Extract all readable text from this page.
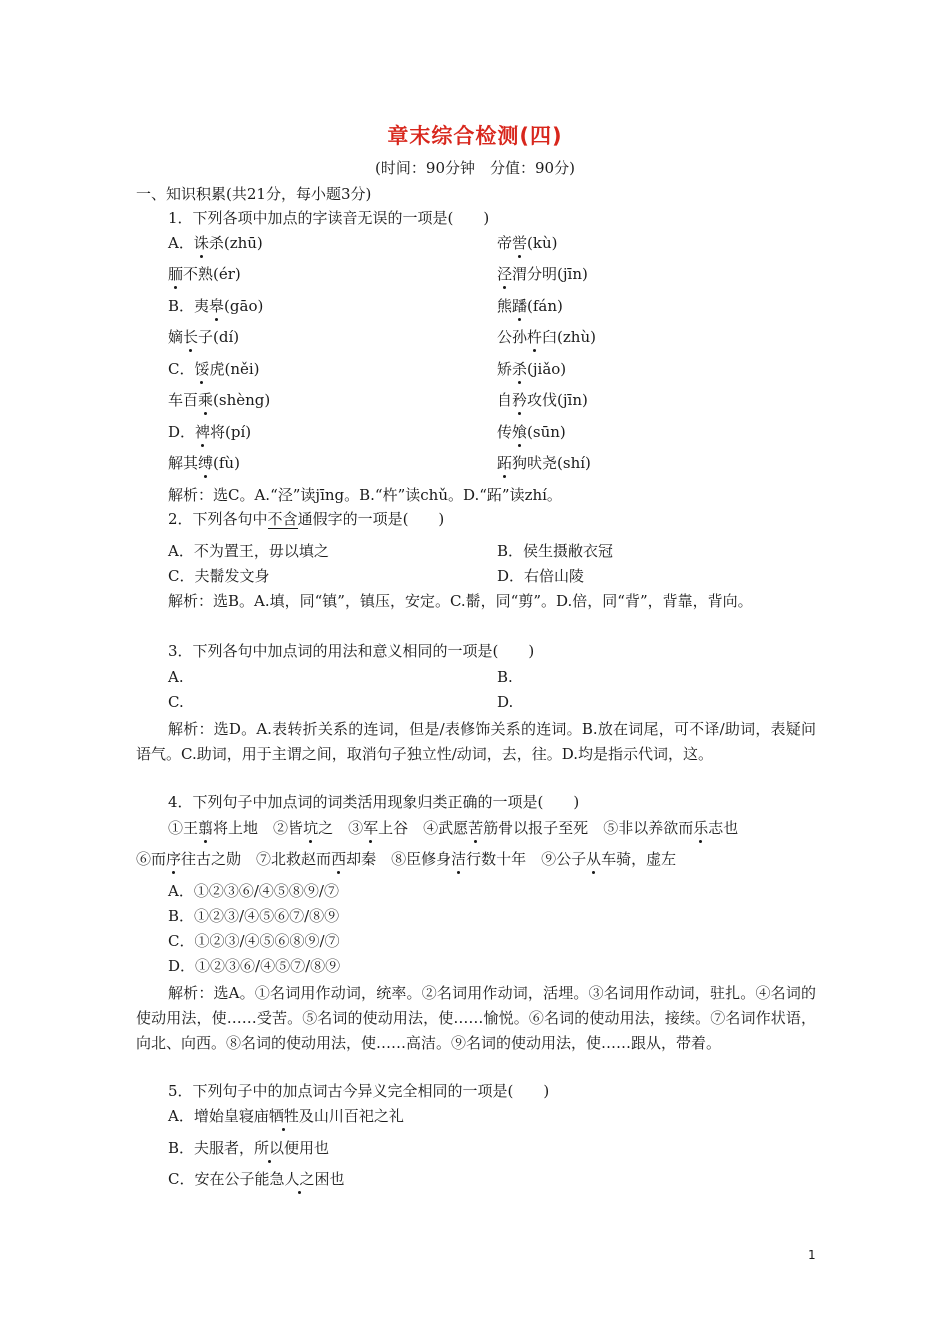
章末综合检测(四)
(时间：90分钟　分值：90分)
一、知识积累(共21分，每小题3分)
1．下列各项中加点的字读音无误的一项是(　　)
A．诛杀(zhū)	帝喾(kù)
胹不熟(ér)	泾渭分明(jīn)
B．夷皋(gāo)	熊蹯(fán)
嫡长子(dí)	公孙杵臼(zhù)
C．馁虎(něi)	矫杀(jiǎo)
车百乘(shèng)	自矜攻伐(jīn)
D．裨将(pí)	传飧(sūn)
解其缚(fù)	跖狗吠尧(shí)
解析：选C。A.“泾”读jīng。B.“杵”读chǔ。D.“跖”读zhí。
2．下列各句中不含通假字的一项是(　　)
A．不为置王，毋以填之	B．侯生摄敝衣冠
C．夫鬋发文身	D．右倍山陵
解析：选B。A.填，同“镇”，镇压，安定。C.鬋，同“剪”。D.倍，同“背”，背靠，背向。
3．下列各句中加点词的用法和意义相同的一项是(　　)
A.	B.
C.	D.
解析：选D。A.表转折关系的连词，但是/表修饰关系的连词。B.放在词尾，可不译/助词，表疑问语气。C.助词，用于主谓之间，取消句子独立性/动词，去，往。D.均是指示代词，这。
4．下列句子中加点词的词类活用现象归类正确的一项是(　　)
①王翦将上地　②皆坑之　③军上谷　④武愿苦筋骨以报子至死　⑤非以养欲而乐志也
⑥而序往古之勋　⑦北救赵而西却秦　⑧臣修身洁行数十年　⑨公子从车骑，虚左
A．①②③⑥/④⑤⑧⑨/⑦
B．①②③/④⑤⑥⑦/⑧⑨
C．①②③/④⑤⑥⑧⑨/⑦
D．①②③⑥/④⑤⑦/⑧⑨
解析：选A。①名词用作动词，统率。②名词用作动词，活埋。③名词用作动词，驻扎。④名词的使动用法，使……受苦。⑤名词的使动用法，使……愉悦。⑥名词的使动用法，接续。⑦名词作状语，向北、向西。⑧名词的使动用法，使……高洁。⑨名词的使动用法，使……跟从，带着。
5．下列句子中的加点词古今异义完全相同的一项是(　　)
A．增始皇寝庙牺牲及山川百祀之礼
B．夫服者，所以便用也
C．安在公子能急人之困也
1
